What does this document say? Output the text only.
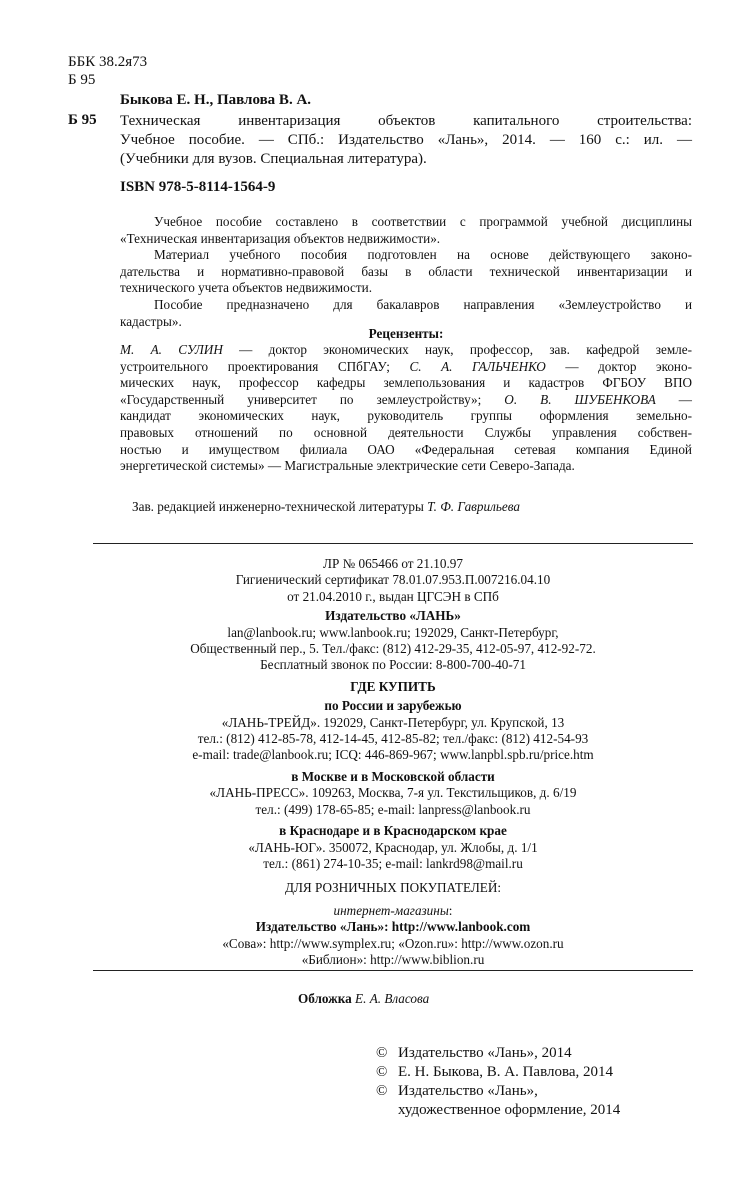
ББК 38.2я73
Б 95
Быкова Е. Н., Павлова В. А.
Б 95 Техническая инвентаризация объектов капитального строительства:
Учебное пособие. — СПб.: Издательство «Лань», 2014. — 160 с.: ил. —
(Учебники для вузов. Специальная литература).
ISBN 978-5-8114-1564-9
Учебное пособие составлено в соответствии с программой учебной дисциплины
«Техническая инвентаризация объектов недвижимости».
Материал учебного пособия подготовлен на основе действующего законо-
дательства и нормативно-правовой базы в области технической инвентаризации и
технического учета объектов недвижимости.
Пособие предназначено для бакалавров направления «Землеустройство и
кадастры».
Рецензенты:
М. А. СУЛИН — доктор экономических наук, профессор, зав. кафедрой земле-
устроительного проектирования СПбГАУ; С. А. ГАЛЬЧЕНКО — доктор эконо-
мических наук, профессор кафедры землепользования и кадастров ФГБОУ ВПО
«Государственный университет по землеустройству»; О. В. ШУБЕНКОВА —
кандидат экономических наук, руководитель группы оформления земельно-
правовых отношений по основной деятельности Службы управления собствен-
ностью и имуществом филиала ОАО «Федеральная сетевая компания Единой
энергетической системы» — Магистральные электрические сети Северо-Запада.
Зав. редакцией инженерно-технической литературы Т. Ф. Гаврильева
ЛР № 065466 от 21.10.97
Гигиенический сертификат 78.01.07.953.П.007216.04.10
от 21.04.2010 г., выдан ЦГСЭН в СПб
Издательство «ЛАНЬ»
lan@lanbook.ru; www.lanbook.ru; 192029, Санкт-Петербург,
Общественный пер., 5. Тел./факс: (812) 412-29-35, 412-05-97, 412-92-72.
Бесплатный звонок по России: 8-800-700-40-71
ГДЕ КУПИТЬ
по России и зарубежью
«ЛАНЬ-ТРЕЙД». 192029, Санкт-Петербург, ул. Крупской, 13
тел.: (812) 412-85-78, 412-14-45, 412-85-82; тел./факс: (812) 412-54-93
e-mail: trade@lanbook.ru; ICQ: 446-869-967; www.lanpbl.spb.ru/price.htm
в Москве и в Московской области
«ЛАНЬ-ПРЕСС». 109263, Москва, 7-я ул. Текстильщиков, д. 6/19
тел.: (499) 178-65-85; e-mail: lanpress@lanbook.ru
в Краснодаре и в Краснодарском крае
«ЛАНЬ-ЮГ». 350072, Краснодар, ул. Жлобы, д. 1/1
тел.: (861) 274-10-35; e-mail: lankrd98@mail.ru
ДЛЯ РОЗНИЧНЫХ ПОКУПАТЕЛЕЙ:
интернет-магазины:
Издательство «Лань»: http://www.lanbook.com
«Сова»: http://www.symplex.ru; «Ozon.ru»: http://www.ozon.ru
«Библион»: http://www.biblion.ru
Обложка Е. А. Власова
© Издательство «Лань», 2014
© Е. Н. Быкова, В. А. Павлова, 2014
© Издательство «Лань»,
художественное оформление, 2014
